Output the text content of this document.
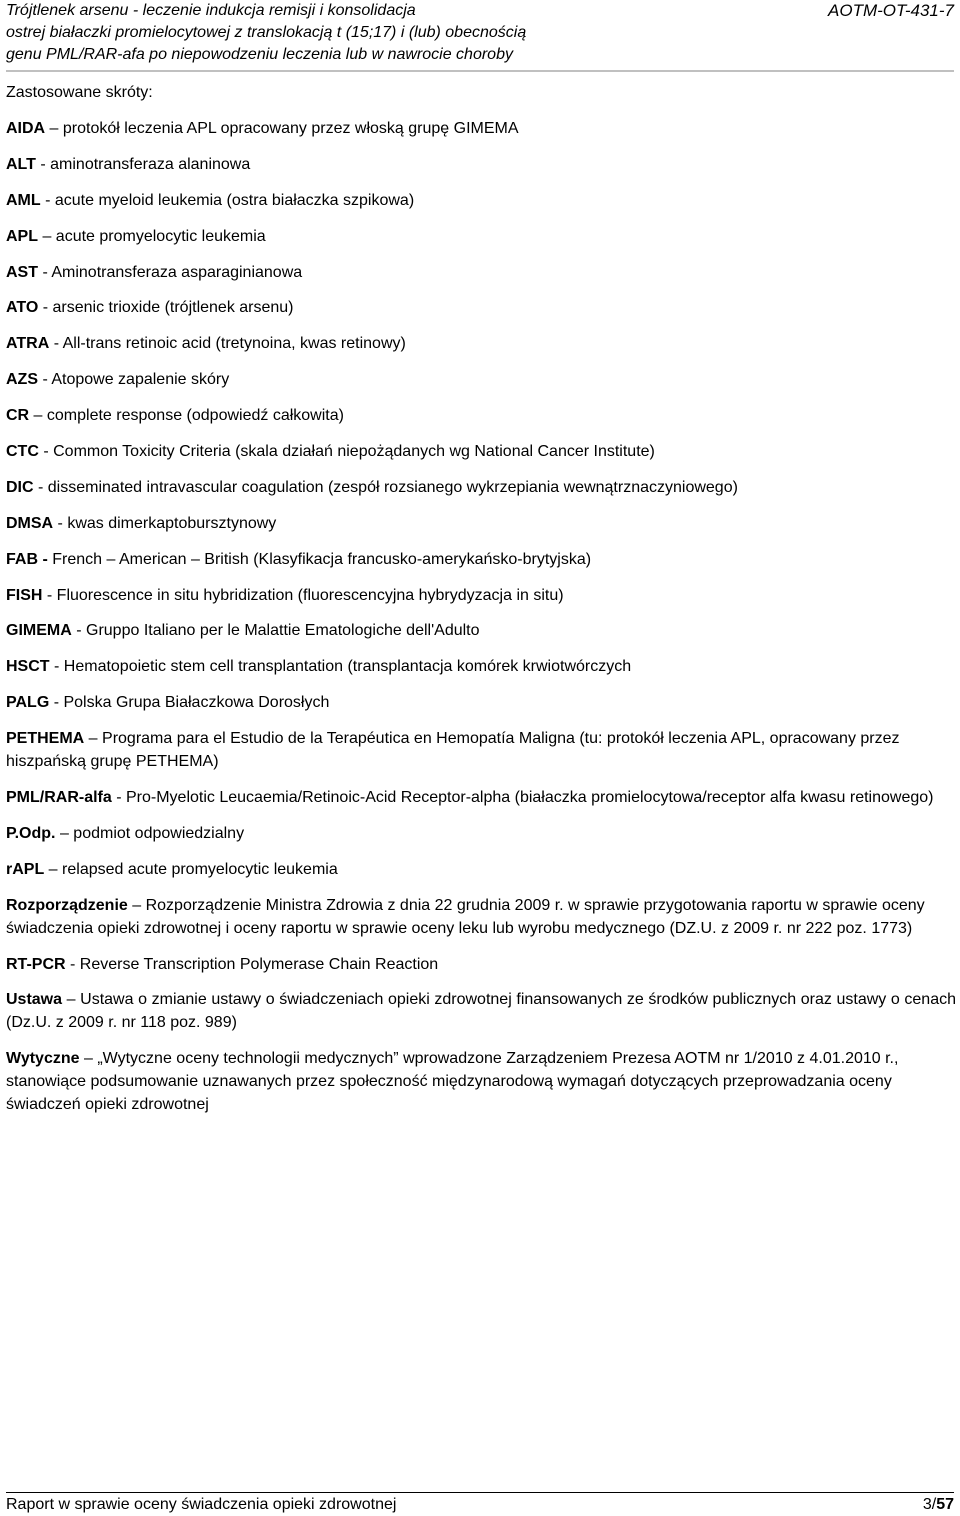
Trójtlenek arsenu - leczenie indukcja remisji i konsolidacja
ostrej białaczki promielocytowej z translokacją t (15;17) i (lub) obecnością
genu PML/RAR-afa po niepowodzeniu leczenia lub w nawrocie choroby
AOTM-OT-431-7
Zastosowane skróty:
AIDA – protokół leczenia APL opracowany przez włoską grupę GIMEMA
ALT - aminotransferaza alaninowa
AML - acute myeloid leukemia (ostra białaczka szpikowa)
APL – acute promyelocytic leukemia
AST - Aminotransferaza asparaginianowa
ATO - arsenic trioxide (trójtlenek arsenu)
ATRA - All-trans retinoic acid (tretynoina, kwas retinowy)
AZS - Atopowe zapalenie skóry
CR – complete response (odpowiedź całkowita)
CTC - Common Toxicity Criteria (skala działań niepożądanych wg National Cancer Institute)
DIC - disseminated intravascular coagulation (zespół rozsianego wykrzepiania wewnątrznaczyniowego)
DMSA - kwas dimerkaptobursztynowy
FAB - French – American – British (Klasyfikacja francusko-amerykańsko-brytyjska)
FISH - Fluorescence in situ hybridization (fluorescencyjna hybrydyzacja in situ)
GIMEMA - Gruppo Italiano per le Malattie Ematologiche dell'Adulto
HSCT - Hematopoietic stem cell transplantation (transplantacja komórek krwiotwórczych
PALG - Polska Grupa Białaczkowa Dorosłych
PETHEMA – Programa para el Estudio de la Terapéutica en Hemopatía Maligna (tu: protokół leczenia APL, opracowany przez hiszpańską grupę PETHEMA)
PML/RAR-alfa - Pro-Myelotic Leucaemia/Retinoic-Acid Receptor-alpha (białaczka promielocytowa/receptor alfa kwasu retinowego)
P.Odp. – podmiot odpowiedzialny
rAPL – relapsed acute promyelocytic leukemia
Rozporządzenie – Rozporządzenie Ministra Zdrowia z dnia 22 grudnia 2009 r. w sprawie przygotowania raportu w sprawie oceny świadczenia opieki zdrowotnej i oceny raportu w sprawie oceny leku lub wyrobu medycznego (DZ.U. z 2009 r. nr 222 poz. 1773)
RT-PCR - Reverse Transcription Polymerase Chain Reaction
Ustawa – Ustawa o zmianie ustawy o świadczeniach opieki zdrowotnej finansowanych ze środków publicznych oraz ustawy o cenach (Dz.U. z 2009 r. nr 118 poz. 989)
Wytyczne – „Wytyczne oceny technologii medycznych” wprowadzone Zarządzeniem Prezesa AOTM nr 1/2010 z 4.01.2010 r., stanowiące podsumowanie uznawanych przez społeczność międzynarodową wymagań dotyczących przeprowadzania oceny świadczeń opieki zdrowotnej
Raport w sprawie oceny świadczenia opieki zdrowotnej	3/57
